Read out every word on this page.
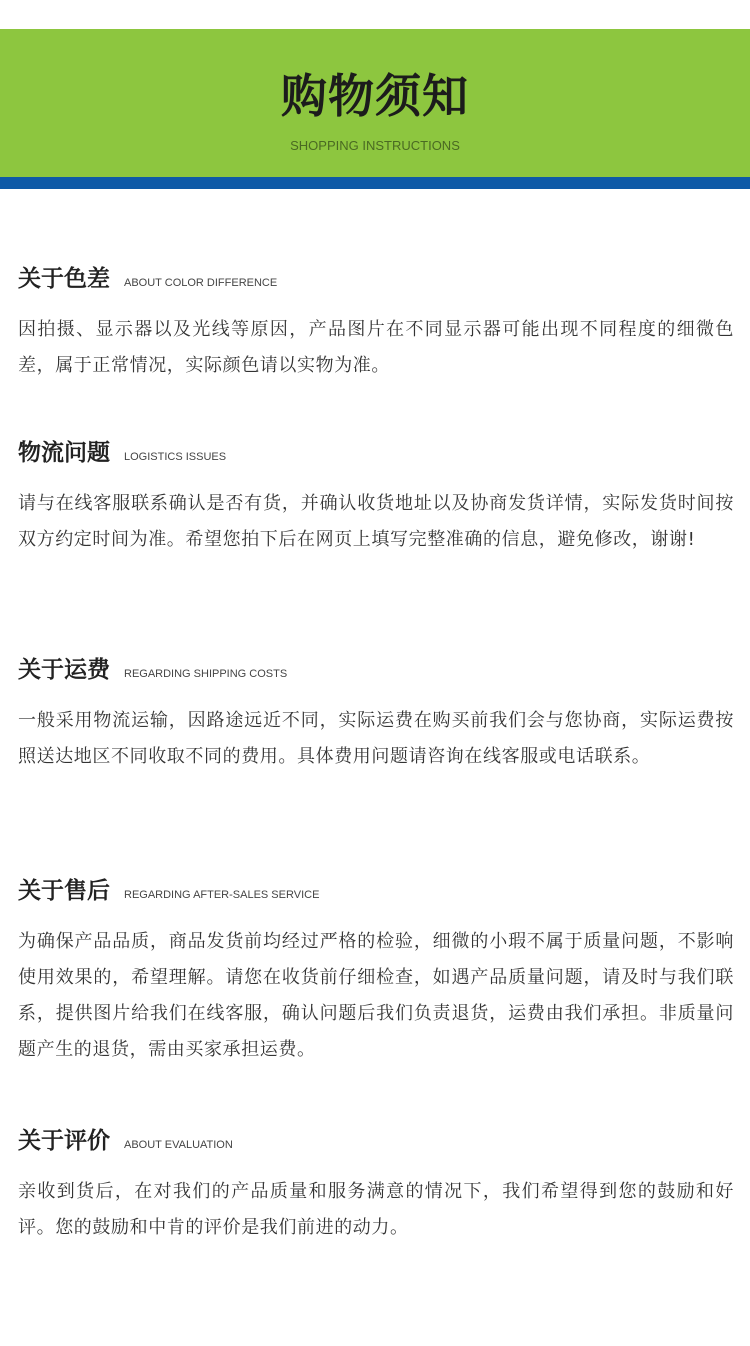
购物须知
SHOPPING INSTRUCTIONS
关于色差 ABOUT COLOR DIFFERENCE
因拍摄、显示器以及光线等原因，产品图片在不同显示器可能出现不同程度的细微色差，属于正常情况，实际颜色请以实物为准。
物流问题 LOGISTICS ISSUES
请与在线客服联系确认是否有货，并确认收货地址以及协商发货详情，实际发货时间按双方约定时间为准。希望您拍下后在网页上填写完整准确的信息，避免修改，谢谢!
关于运费 REGARDING SHIPPING COSTS
一般采用物流运输，因路途远近不同，实际运费在购买前我们会与您协商，实际运费按照送达地区不同收取不同的费用。具体费用问题请咨询在线客服或电话联系。
关于售后 REGARDING AFTER-SALES SERVICE
为确保产品品质，商品发货前均经过严格的检验，细微的小瑕不属于质量问题，不影响使用效果的，希望理解。请您在收货前仔细检查，如遇产品质量问题，请及时与我们联系，提供图片给我们在线客服，确认问题后我们负责退货，运费由我们承担。非质量问题产生的退货，需由买家承担运费。
关于评价 ABOUT EVALUATION
亲收到货后，在对我们的产品质量和服务满意的情况下，我们希望得到您的鼓励和好评。您的鼓励和中肯的评价是我们前进的动力。
